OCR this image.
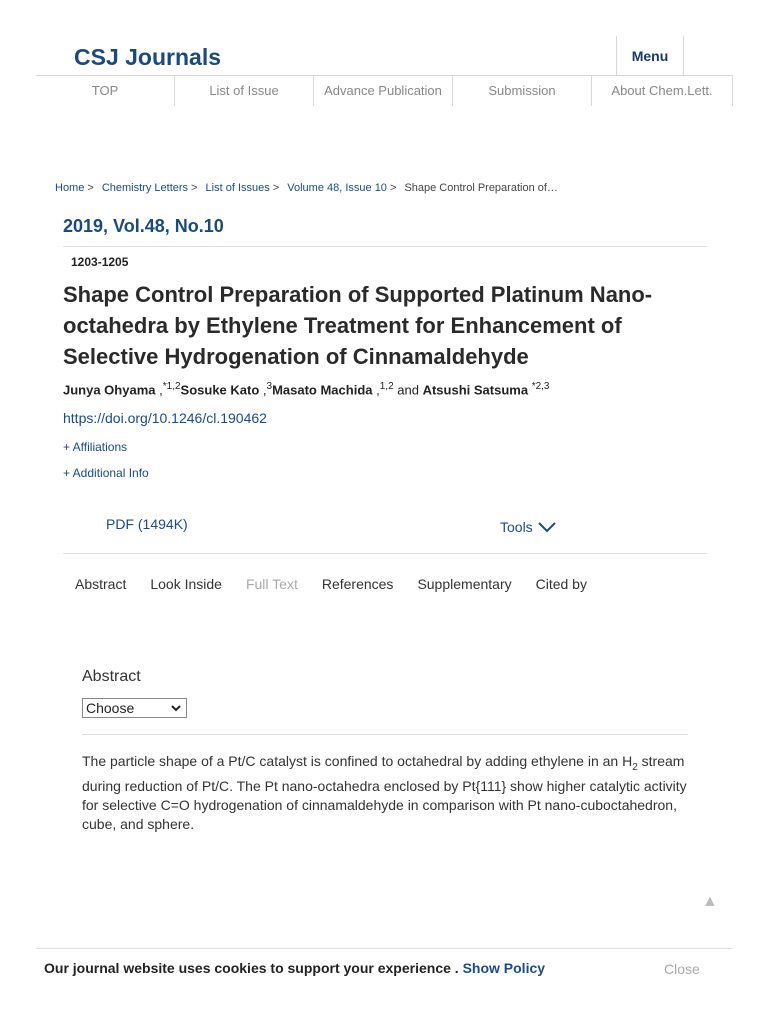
CSJ Journals	Menu
TOP	List of Issue	Advance Publication	Submission	About Chem.Lett.
Home > Chemistry Letters > List of Issues > Volume 48, Issue 10 > Shape Control Preparation of…
2019, Vol.48, No.10
1203-1205
Shape Control Preparation of Supported Platinum Nano-octahedra by Ethylene Treatment for Enhancement of Selective Hydrogenation of Cinnamaldehyde
Junya Ohyama ,$^{*1,2}$Sosuke Kato ,$^3$Masato Machida ,$^{1,2}$ and Atsushi Satsuma $^{*2,3}$
https://doi.org/10.1246/cl.190462
+ Affiliations
+ Additional Info
PDF (1494K)	Tools
Abstract	Look Inside	Full Text	References	Supplementary	Cited by
Abstract
Choose
The particle shape of a Pt/C catalyst is confined to octahedral by adding ethylene in an $H_2$ stream during reduction of Pt/C. The Pt nano-octahedra enclosed by Pt{111} show higher catalytic activity for selective C=O hydrogenation of cinnamaldehyde in comparison with Pt nano-cuboctahedron, cube, and sphere.
▲
Our journal website uses cookies to support your experience . Show Policy	Close
